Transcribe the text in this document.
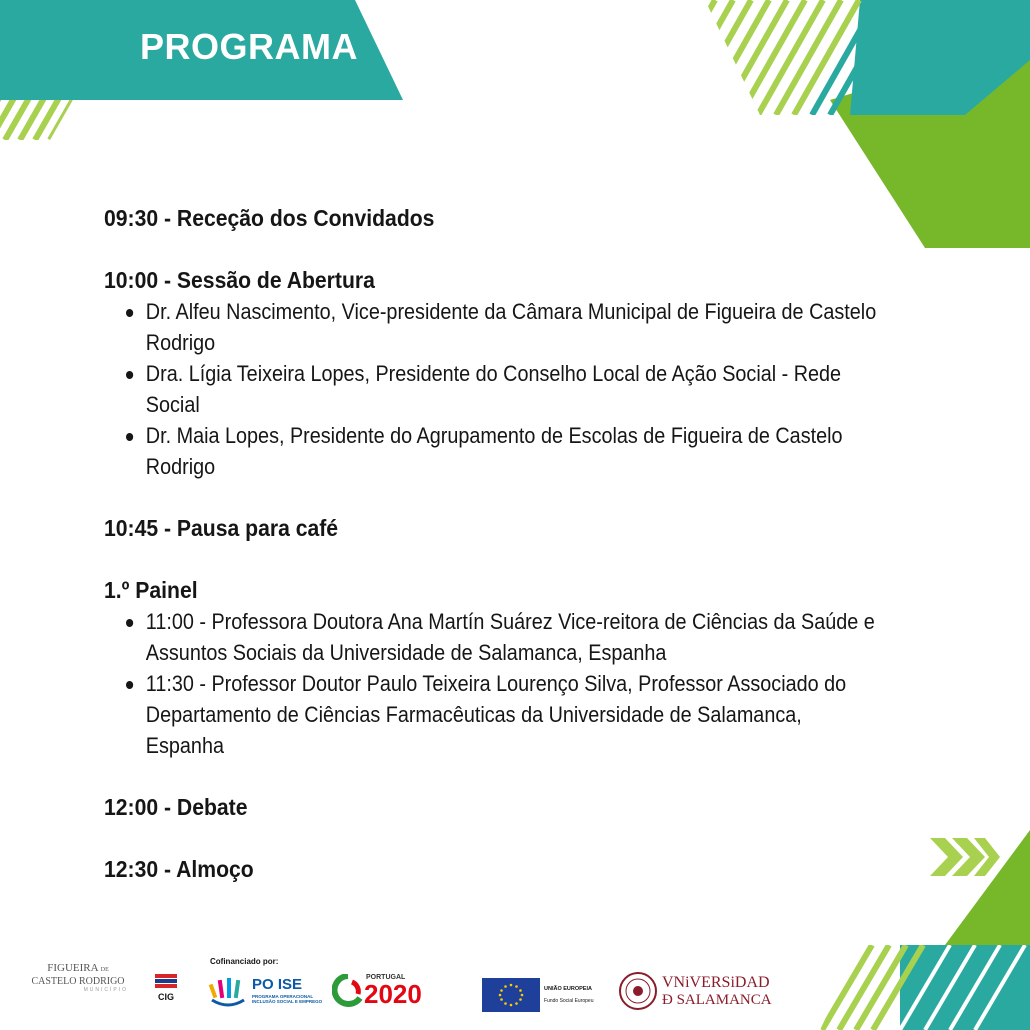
PROGRAMA

09:30 - Receção dos Convidados

10:00 - Sessão de Abertura

Dr. Alfeu Nascimento, Vice-presidente da Câmara Municipal de Figueira de Castelo Rodrigo
Dra. Lígia Teixeira Lopes, Presidente do Conselho Local de Ação Social - Rede Social
Dr. Maia Lopes, Presidente do Agrupamento de Escolas de Figueira de Castelo Rodrigo

10:45 - Pausa para café

1.º Painel

11:00 - Professora Doutora Ana Martín Suárez Vice-reitora de Ciências da Saúde e Assuntos Sociais da Universidade de Salamanca, Espanha
11:30 - Professor Doutor Paulo Teixeira Lourenço Silva, Professor Associado do Departamento de Ciências Farmacêuticas da Universidade de Salamanca, Espanha

12:00 - Debate

12:30 - Almoço

FIGUEIRA DE
CASTELO RODRIGO
MUNICÍPIO
CIG
Cofinanciado por:
PO ISE
PROGRAMA OPERACIONAL INCLUSÃO SOCIAL E EMPREGO
PORTUGAL
2020	UNIÃO EUROPEIA
Fundo Social Europeu
VNiVERSiDAD
Ð SALAMANCA
